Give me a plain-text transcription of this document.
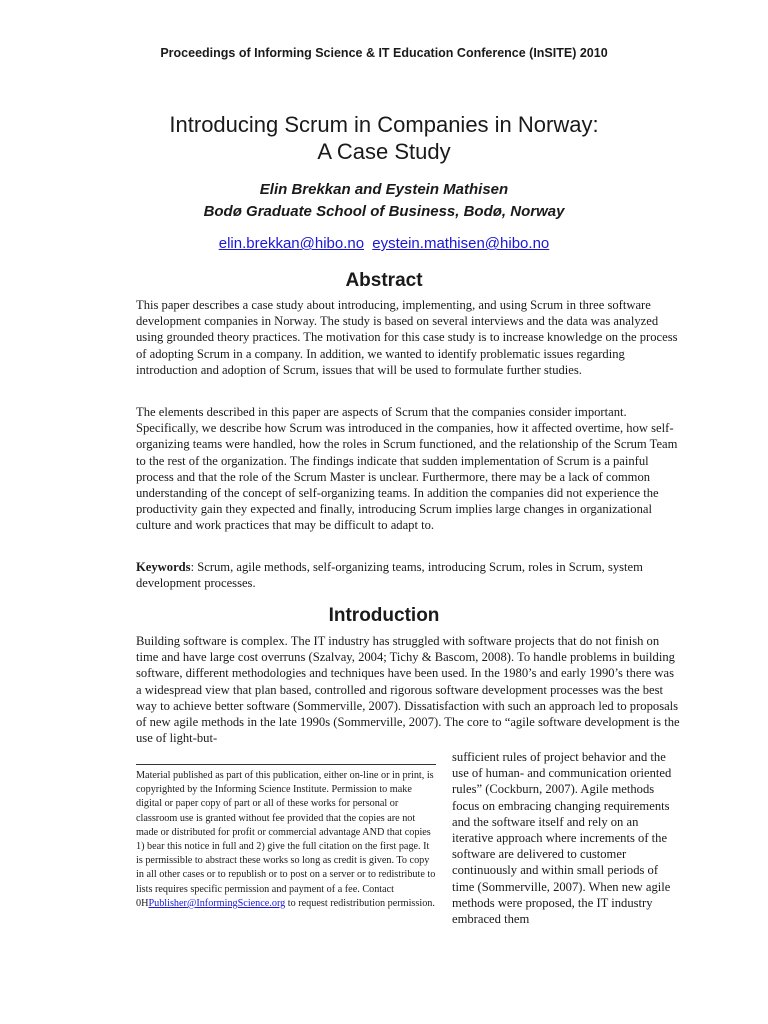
Proceedings of Informing Science & IT Education Conference (InSITE) 2010
Introducing Scrum in Companies in Norway:
A Case Study
Elin Brekkan and Eystein Mathisen
Bodø Graduate School of Business, Bodø, Norway
elin.brekkan@hibo.no eystein.mathisen@hibo.no
Abstract

This paper describes a case study about introducing, implementing, and using Scrum in three software development companies in Norway. The study is based on several interviews and the data was analyzed using grounded theory practices. The motivation for this case study is to increase knowledge on the process of adopting Scrum in a company. In addition, we wanted to identify problematic issues regarding introduction and adoption of Scrum, issues that will be used to formulate further studies.

The elements described in this paper are aspects of Scrum that the companies consider important. Specifically, we describe how Scrum was introduced in the companies, how it affected overtime, how self-organizing teams were handled, how the roles in Scrum functioned, and the relationship of the Scrum Team to the rest of the organization. The findings indicate that sudden implementation of Scrum is a painful process and that the role of the Scrum Master is unclear. Furthermore, there may be a lack of common understanding of the concept of self-organizing teams. In addition the companies did not experience the productivity gain they expected and finally, introducing Scrum implies large changes in organizational culture and work practices that may be difficult to adapt to.

Keywords: Scrum, agile methods, self-organizing teams, introducing Scrum, roles in Scrum, system development processes.

Introduction

Building software is complex. The IT industry has struggled with software projects that do not finish on time and have large cost overruns (Szalvay, 2004; Tichy & Bascom, 2008). To handle problems in building software, different methodologies and techniques have been used. In the 1980’s and early 1990’s there was a widespread view that plan based, controlled and rigorous software development processes was the best way to achieve better software (Sommerville, 2007). Dissatisfaction with such an approach led to proposals of new agile methods in the late 1990s (Sommerville, 2007). The core to “agile software development is the use of light-but-

Material published as part of this publication, either on-line or in print, is copyrighted by the Informing Science Institute. Permission to make digital or paper copy of part or all of these works for personal or classroom use is granted without fee provided that the copies are not made or distributed for profit or commercial advantage AND that copies 1) bear this notice in full and 2) give the full citation on the first page. It is permissible to abstract these works so long as credit is given. To copy in all other cases or to republish or to post on a server or to redistribute to lists requires specific permission and payment of a fee. Contact 0HPublisher@InformingScience.org to request redistribution permission.

sufficient rules of project behavior and the use of human- and communication oriented rules” (Cockburn, 2007). Agile methods focus on embracing changing requirements and the software itself and rely on an iterative approach where increments of the software are delivered to customer continuously and within small periods of time (Sommerville, 2007). When new agile methods were proposed, the IT industry embraced them
